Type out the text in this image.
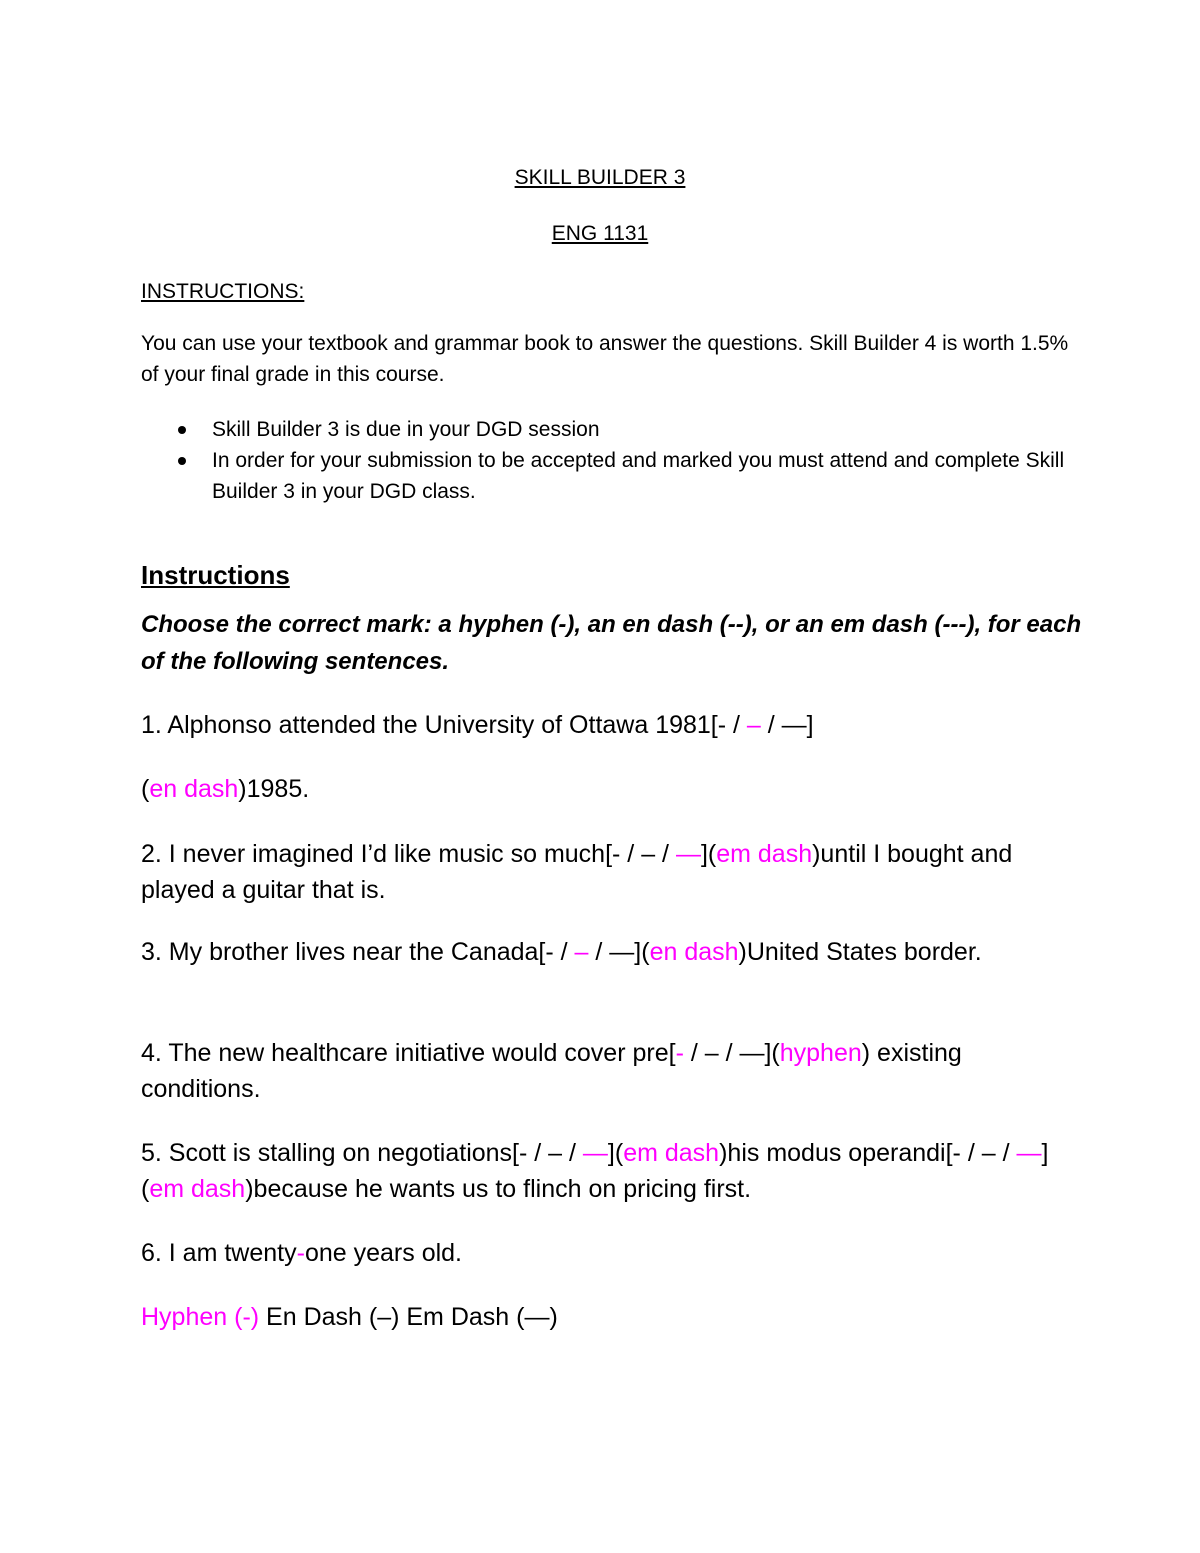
SKILL BUILDER 3
ENG 1131
INSTRUCTIONS:
You can use your textbook and grammar book to answer the questions. Skill Builder 4 is worth 1.5% of your final grade in this course.
Skill Builder 3 is due in your DGD session
In order for your submission to be accepted and marked you must attend and complete Skill Builder 3 in your DGD class.
Instructions
Choose the correct mark: a hyphen (-), an en dash (--), or an em dash (---), for each of the following sentences.
1. Alphonso attended the University of Ottawa 1981[- / – / —]
(en dash)1985.
2. I never imagined I’d like music so much[- / – / —](em dash)until I bought and played a guitar that is.
3. My brother lives near the Canada[- / – / —](en dash)United States border.
4. The new healthcare initiative would cover pre[- / – / —](hyphen) existing conditions.
5. Scott is stalling on negotiations[- / – / —](em dash)his modus operandi[- / – / —](em dash)because he wants us to flinch on pricing first.
6. I am twenty-one years old.
Hyphen (-) En Dash (–) Em Dash (—)
